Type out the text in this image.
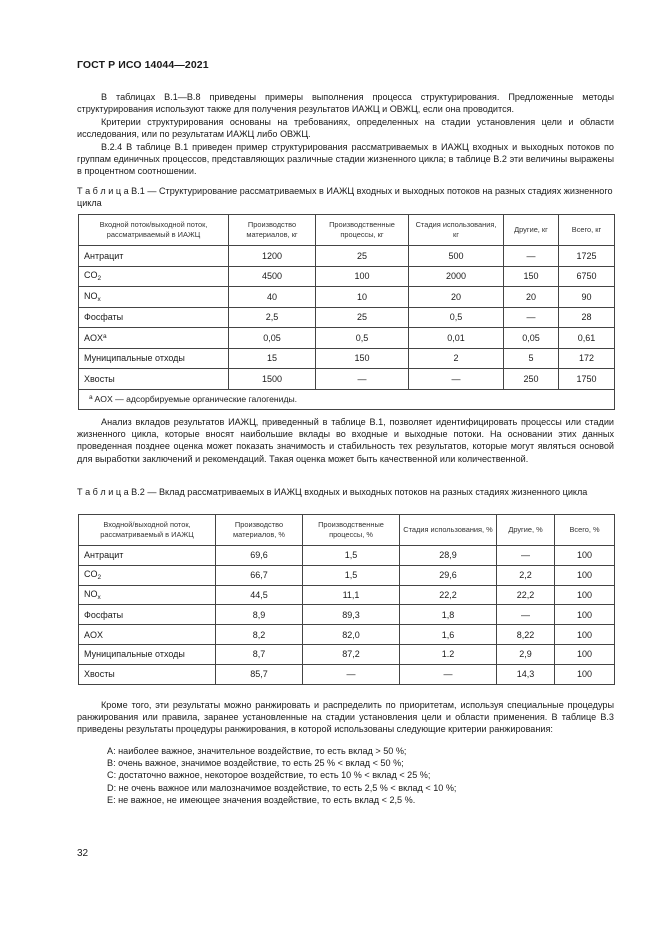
ГОСТ Р ИСО 14044—2021
В таблицах В.1—В.8 приведены примеры выполнения процесса структурирования. Предложенные методы структурирования используют также для получения результатов ИАЖЦ и ОВЖЦ, если она проводится.
Критерии структурирования основаны на требованиях, определенных на стадии установления цели и области исследования, или по результатам ИАЖЦ либо ОВЖЦ.
В.2.4 В таблице В.1 приведен пример структурирования рассматриваемых в ИАЖЦ входных и выходных потоков по группам единичных процессов, представляющих различные стадии жизненного цикла; в таблице В.2 эти величины выражены в процентном соотношении.
Т а б л и ц а В.1 — Структурирование рассматриваемых в ИАЖЦ входных и выходных потоков на разных стадиях жизненного цикла
Входной поток/выходной поток, рассматриваемый в ИАЖЦ	Производство материалов, кг	Производственные процессы, кг	Стадия использования, кг	Другие, кг	Всего, кг
Антрацит	1200	25	500	—	1725
$CO_2$	4500	100	2000	150	6750
$NO_x$	40	10	20	20	90
Фосфаты	2,5	25	0,5	—	28
AOX$^a$	0,05	0,5	0,01	0,05	0,61
Муниципальные отходы	15	150	2	5	172
Хвосты	1500	—	—	250	1750
$^a$ AOX — адсорбируемые органические галогениды.					
Анализ вкладов результатов ИАЖЦ, приведенный в таблице В.1, позволяет идентифицировать процессы или стадии жизненного цикла, которые вносят наибольшие вклады во входные и выходные потоки. На основании этих данных проведенная позднее оценка может показать значимость и стабильность тех результатов, которые могут являться основой для выработки заключений и рекомендаций. Такая оценка может быть качественной или количественной.
Т а б л и ц а В.2 — Вклад рассматриваемых в ИАЖЦ входных и выходных потоков на разных стадиях жизненного цикла
Входной/выходной поток, рассматриваемый в ИАЖЦ	Производство материалов, %	Производственные процессы, %	Стадия использования, %	Другие, %	Всего, %
Антрацит	69,6	1,5	28,9	—	100
$CO_2$	66,7	1,5	29,6	2,2	100
$NO_x$	44,5	11,1	22,2	22,2	100
Фосфаты	8,9	89,3	1,8	—	100
AOX	8,2	82,0	1,6	8,22	100
Муниципальные отходы	8,7	87,2	1.2	2,9	100
Хвосты	85,7	—	—	14,3	100
Кроме того, эти результаты можно ранжировать и распределить по приоритетам, используя специальные процедуры ранжирования или правила, заранее установленные на стадии установления цели и области применения. В таблице В.3 приведены результаты процедуры ранжирования, в которой использованы следующие критерии ранжирования:
А: наиболее важное, значительное воздействие, то есть вклад > 50 %;
В: очень важное, значимое воздействие, то есть 25 % < вклад < 50 %;
С: достаточно важное, некоторое воздействие, то есть 10 % < вклад < 25 %;
D: не очень важное или малозначимое воздействие, то есть 2,5 % < вклад < 10 %;
Е: не важное, не имеющее значения воздействие, то есть вклад < 2,5 %.
32
